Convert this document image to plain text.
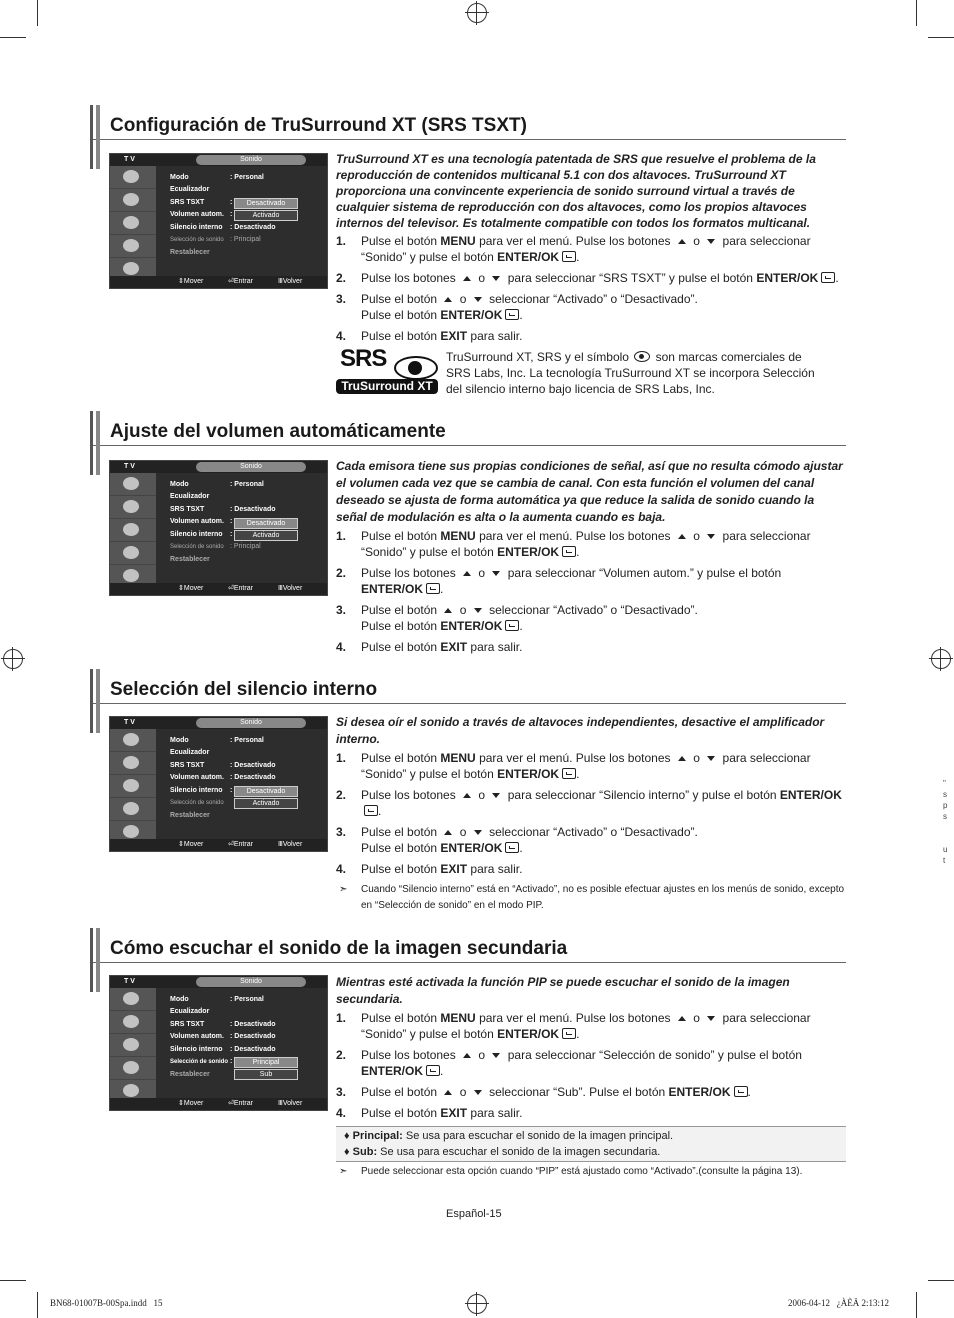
Configuración de TruSurround XT (SRS TSXT)
T V	Sonido
Modo	: Personal
Ecualizador
SRS TSXT	:
Volumen autom. :
Silencio interno : Desactivado
Selección de sonido : Principal
Restablecer
Desactivado
Activado
⇕Mover	⏎Entrar	ⅢVolver

TruSurround XT es una tecnología patentada de SRS que resuelve el problema de la reproducción de contenidos multicanal 5.1 con dos altavoces. TruSurround XT proporciona una convincente experiencia de sonido surround virtual a través de cualquier sistema de reproducción con dos altavoces, como los propios altavoces internos del televisor. Es totalmente compatible con todos los formatos multicanal.

1. Pulse el botón MENU para ver el menú. Pulse los botones  o  para seleccionar “Sonido” y pulse el botón ENTER/OK .
2. Pulse los botones  o  para seleccionar “SRS TSXT” y pulse el botón ENTER/OK .
3. Pulse el botón  o  seleccionar “Activado” o “Desactivado”.
Pulse el botón ENTER/OK .
4. Pulse el botón EXIT para salir.
SRS
TruSurround XT
TruSurround XT, SRS y el símbolo  son marcas comerciales de SRS Labs, Inc. La tecnología TruSurround XT se incorpora Selección del silencio interno bajo licencia de SRS Labs, Inc.
Ajuste del volumen automáticamente
T V	Sonido
Modo	: Personal
Ecualizador
SRS TSXT	: Desactivado
Volumen autom. :
Silencio interno :
Selección de sonido : Principal
Restablecer
Desactivado
Activado
⇕Mover	⏎Entrar	ⅢVolver

Cada emisora tiene sus propias condiciones de señal, así que no resulta cómodo ajustar el volumen cada vez que se cambia de canal. Con esta función el volumen del canal deseado se ajusta de forma automática ya que reduce la salida de sonido cuando la señal de modulación es alta o la aumenta cuando es baja.

1. Pulse el botón MENU para ver el menú. Pulse los botones  o  para seleccionar “Sonido” y pulse el botón ENTER/OK .
2. Pulse los botones  o  para seleccionar “Volumen autom.” y pulse el botón ENTER/OK .
3. Pulse el botón  o  seleccionar “Activado” o “Desactivado”.
Pulse el botón ENTER/OK .
4. Pulse el botón EXIT para salir.
Selección del silencio interno
T V	Sonido
Modo	: Personal
Ecualizador
SRS TSXT	: Desactivado
Volumen autom. : Desactivado
Silencio interno :
Selección de sonido
Restablecer
Desactivado
Activado
⇕Mover	⏎Entrar	ⅢVolver

Si desea oír el sonido a través de altavoces independientes, desactive el amplificador interno.

1. Pulse el botón MENU para ver el menú. Pulse los botones  o  para seleccionar “Sonido” y pulse el botón ENTER/OK .
2. Pulse los botones  o  para seleccionar “Silencio interno” y pulse el botón ENTER/OK.
3. Pulse el botón  o  seleccionar “Activado” o “Desactivado”.
Pulse el botón ENTER/OK .
4. Pulse el botón EXIT para salir.
➣ Cuando “Silencio interno” está en “Activado”, no es posible efectuar ajustes en los menús de sonido, excepto en “Selección de sonido” en el modo PIP.
Cómo escuchar el sonido de la imagen secundaria
T V	Sonido
Modo	: Personal
Ecualizador
SRS TSXT	: Desactivado
Volumen autom. : Desactivado
Silencio interno : Desactivado
Selección de sonido :
Restablecer
Principal
Sub
⇕Mover	⏎Entrar	ⅢVolver

Mientras esté activada la función PIP se puede escuchar el sonido de la imagen secundaria.

1. Pulse el botón MENU para ver el menú. Pulse los botones  o  para seleccionar “Sonido” y pulse el botón ENTER/OK .
2. Pulse los botones  o  para seleccionar “Selección de sonido” y pulse el botón ENTER/OK .
3. Pulse el botón  o  seleccionar “Sub”. Pulse el botón ENTER/OK .
4. Pulse el botón EXIT para salir.
♦ Principal: Se usa para escuchar el sonido de la imagen principal.
♦ Sub: Se usa para escuchar el sonido de la imagen secundaria.
➣ Puede seleccionar esta opción cuando “PIP” está ajustado como “Activado”.(consulte la página 13).
Español-15
BN68-01007B-00Spa.indd   15	2006-04-12   ¿ÀÈÄ 2:13:12
"
s
p
s

u
t
